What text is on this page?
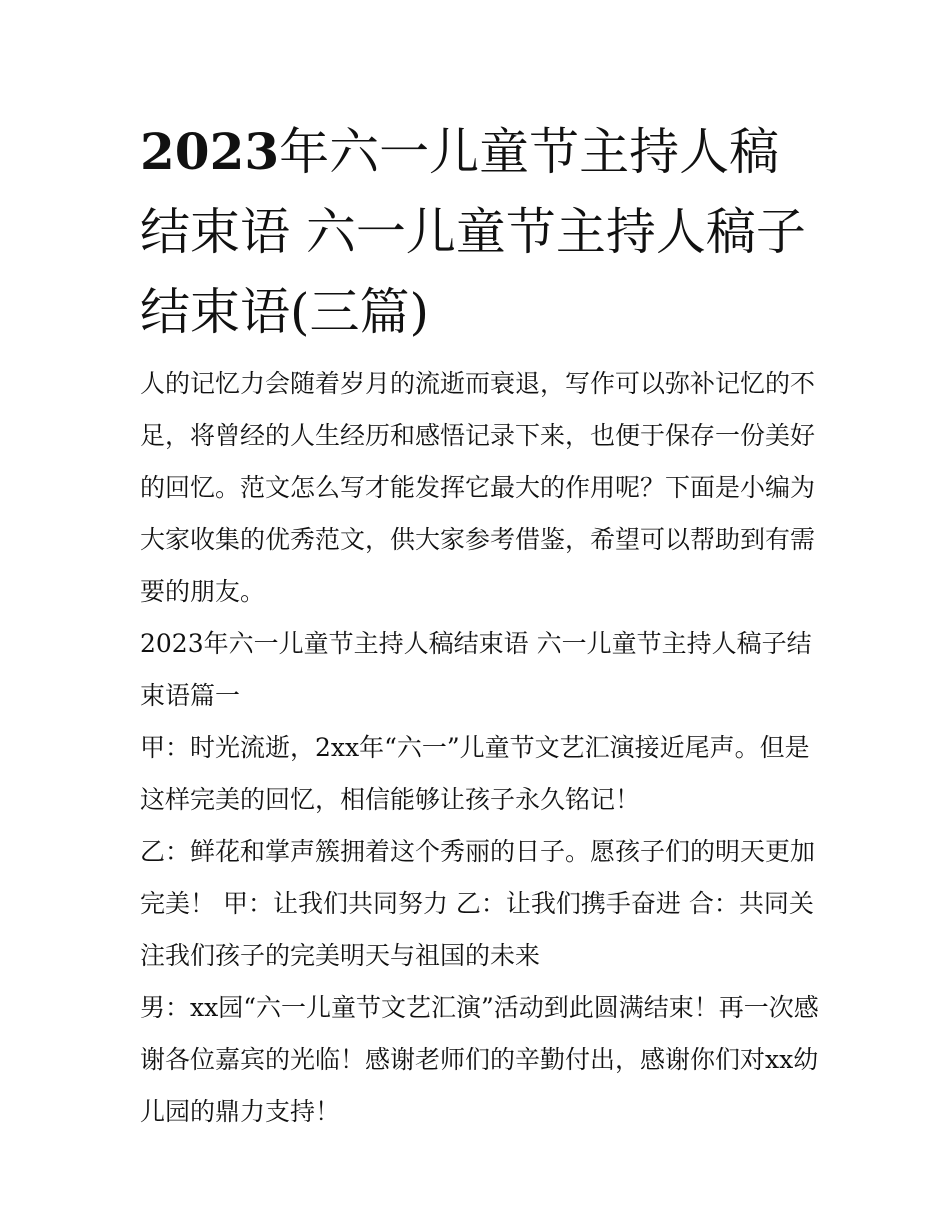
2023年六一儿童节主持人稿结束语 六一儿童节主持人稿子结束语(三篇)

人的记忆力会随着岁月的流逝而衰退，写作可以弥补记忆的不足，将曾经的人生经历和感悟记录下来，也便于保存一份美好的回忆。范文怎么写才能发挥它最大的作用呢？下面是小编为大家收集的优秀范文，供大家参考借鉴，希望可以帮助到有需要的朋友。

2023年六一儿童节主持人稿结束语 六一儿童节主持人稿子结束语篇一

甲：时光流逝，2xx年“六一”儿童节文艺汇演接近尾声。但是这样完美的回忆，相信能够让孩子永久铭记！

乙：鲜花和掌声簇拥着这个秀丽的日子。愿孩子们的明天更加完美！ 甲：让我们共同努力 乙：让我们携手奋进 合：共同关注我们孩子的完美明天与祖国的未来

男：xx园“六一儿童节文艺汇演”活动到此圆满结束！再一次感谢各位嘉宾的光临！感谢老师们的辛勤付出，感谢你们对xx幼儿园的鼎力支持！
